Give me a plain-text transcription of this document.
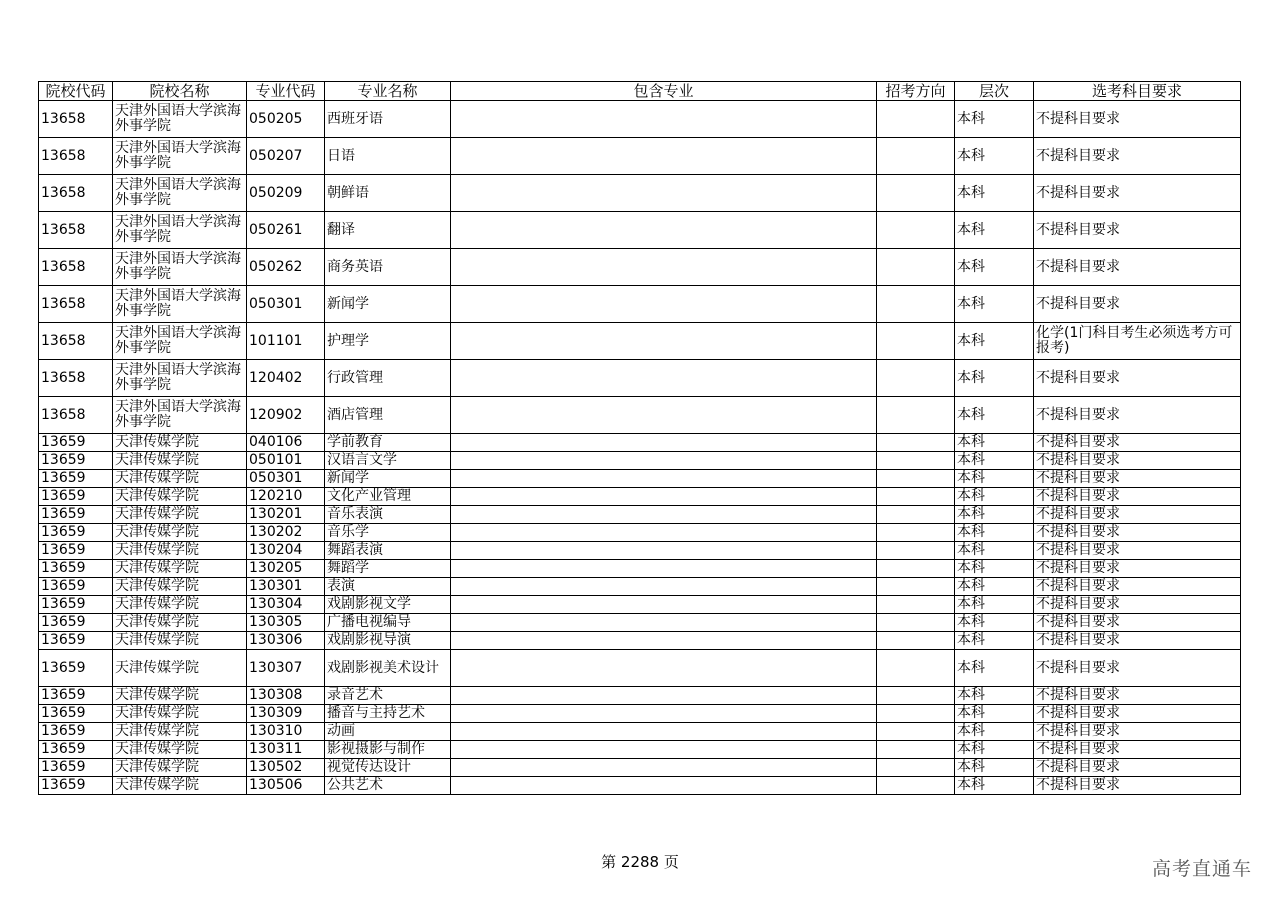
院校代码	院校名称	专业代码	专业名称	包含专业	招考方向	层次	选考科目要求
13658	天津外国语大学滨海外事学院	050205	西班牙语			本科	不提科目要求
13658	天津外国语大学滨海外事学院	050207	日语			本科	不提科目要求
13658	天津外国语大学滨海外事学院	050209	朝鲜语			本科	不提科目要求
13658	天津外国语大学滨海外事学院	050261	翻译			本科	不提科目要求
13658	天津外国语大学滨海外事学院	050262	商务英语			本科	不提科目要求
13658	天津外国语大学滨海外事学院	050301	新闻学			本科	不提科目要求
13658	天津外国语大学滨海外事学院	101101	护理学			本科	化学(1门科目考生必须选考方可报考)
13658	天津外国语大学滨海外事学院	120402	行政管理			本科	不提科目要求
13658	天津外国语大学滨海外事学院	120902	酒店管理			本科	不提科目要求
13659	天津传媒学院	040106	学前教育			本科	不提科目要求
13659	天津传媒学院	050101	汉语言文学			本科	不提科目要求
13659	天津传媒学院	050301	新闻学			本科	不提科目要求
13659	天津传媒学院	120210	文化产业管理			本科	不提科目要求
13659	天津传媒学院	130201	音乐表演			本科	不提科目要求
13659	天津传媒学院	130202	音乐学			本科	不提科目要求
13659	天津传媒学院	130204	舞蹈表演			本科	不提科目要求
13659	天津传媒学院	130205	舞蹈学			本科	不提科目要求
13659	天津传媒学院	130301	表演			本科	不提科目要求
13659	天津传媒学院	130304	戏剧影视文学			本科	不提科目要求
13659	天津传媒学院	130305	广播电视编导			本科	不提科目要求
13659	天津传媒学院	130306	戏剧影视导演			本科	不提科目要求
13659	天津传媒学院	130307	戏剧影视美术设计			本科	不提科目要求
13659	天津传媒学院	130308	录音艺术			本科	不提科目要求
13659	天津传媒学院	130309	播音与主持艺术			本科	不提科目要求
13659	天津传媒学院	130310	动画			本科	不提科目要求
13659	天津传媒学院	130311	影视摄影与制作			本科	不提科目要求
13659	天津传媒学院	130502	视觉传达设计			本科	不提科目要求
13659	天津传媒学院	130506	公共艺术			本科	不提科目要求
第 2288 页	高考直通车
